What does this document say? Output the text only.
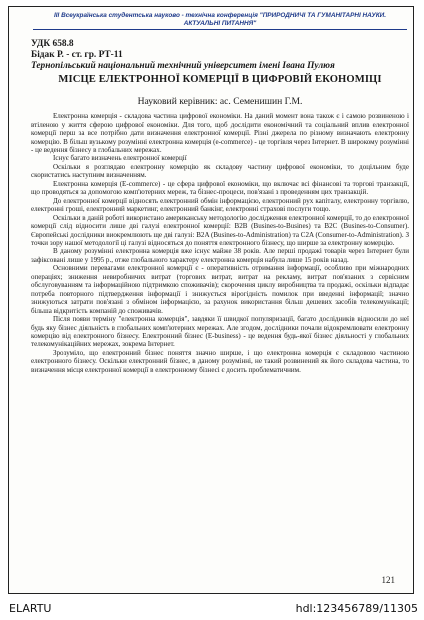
ІІІ Всеукраїнська студентська науково - технічна конференція "ПРИРОДНИЧІ ТА ГУМАНІТАРНІ НАУКИ.
АКТУАЛЬНІ ПИТАННЯ"
УДК 658.8
Бідак Р. - ст. гр. РТ-11
Тернопільський національний технічний університет імені Івана Пулюя
МІСЦЕ ЕЛЕКТРОННОЇ КОМЕРЦІЇ В ЦИФРОВІЙ ЕКОНОМІЦІ
Науковий керівник: ас. Семенишин Г.М.

Електронна комерція - складова частина цифрової економіки. На даний момент вона також є і самою розвиненою і втіленою у життя сферою цифрової економіки. Для того, щоб дослідити економічний та соціальний вплив електронної комерції перш за все потрібно дати визначення електронної комерції. Різні джерела по різному визначають електронну комерцію. В більш вузькому розумінні електронна комерція (e-commerce) - це торгівля через Інтернет. В широкому розумінні - це ведення бізнесу в глобальних мережах.

Існує багато визначень електронної комерції

Оскільки я розглядаю електронну комерцію як складову частину цифрової економіки, то доцільним буде скористатись наступним визначенням.

Електронна комерція (E-commerce) - це сфера цифрової економіки, що включає всі фінансові та торгові транзакції, що проводяться за допомогою комп'ютерних мереж, та бізнес-процеси, пов'язані з проведенням цих транзакцій.

До електронної комерції відносять електронний обмін інформацією, електронний рух капіталу, електронну торгівлю, електронні гроші, електронний маркетинг, електронний банкінг, електронні страхові послуги тощо.

Оскільки в даній роботі використано американську методологію дослідження електронної комерції, то до електронної комерції слід відносити лише дві галузі електронної комерції: B2B (Busines-to-Busines) та B2C (Busines-to-Consumer). Європейські дослідники виокремлюють ще дві галузі: B2A (Busines-to-Administration) та C2A (Consumer-to-Administration). З точки зору нашої методології ці галузі відносяться до поняття електронного бізнесу, що ширше за електронну комерцію.

В даному розумінні електронна комерція вже існує майже 38 років. Але перші продажі товарів через Інтернет були зафіксовані лише у 1995 р., отже глобального характеру електронна комерція набула лише 15 років назад.

Основними перевагами електронної комерції є - оперативність отримання інформації, особливо при міжнародних операціях; зниження невиробничих витрат (торгових витрат, витрат на рекламу, витрат пов'язаних з сервісним обслуговуванням та інформаційною підтримкою споживачів); скорочення циклу виробництва та продажі, оскільки відпадає потреба повторного підтвердження інформації і знижується вірогідність помилок при введенні інформації; значно знижуються затрати пов'язані з обміном інформацією, за рахунок використання більш дешевих засобів телекомунікації; більша відкритість компаній до споживачів.

Після появи терміну "електронна комерція", завдяки її швидкої популяризації, багато дослідників відносили до неї будь яку бізнес діяльність в глобальних комп'ютерних мережах. Але згодом, дослідники почали відокремлювати електронну комерцію від електронного бізнесу. Електронний бізнес (E-business) - це ведення будь-якої бізнес діяльності у глобальних телекомунікаційних мережах, зокрема Інтернет.

Зрозуміло, що електронний бізнес поняття значно ширше, і що електронна комерція є складовою частиною електронного бізнесу. Оскільки електронний бізнес, в даному розумінні, не такий розвинений як його складова частина, то визначення місця електронної комерції в електронному бізнесі є досить проблематичним.

121
ELARTU	hdl:123456789/11305
